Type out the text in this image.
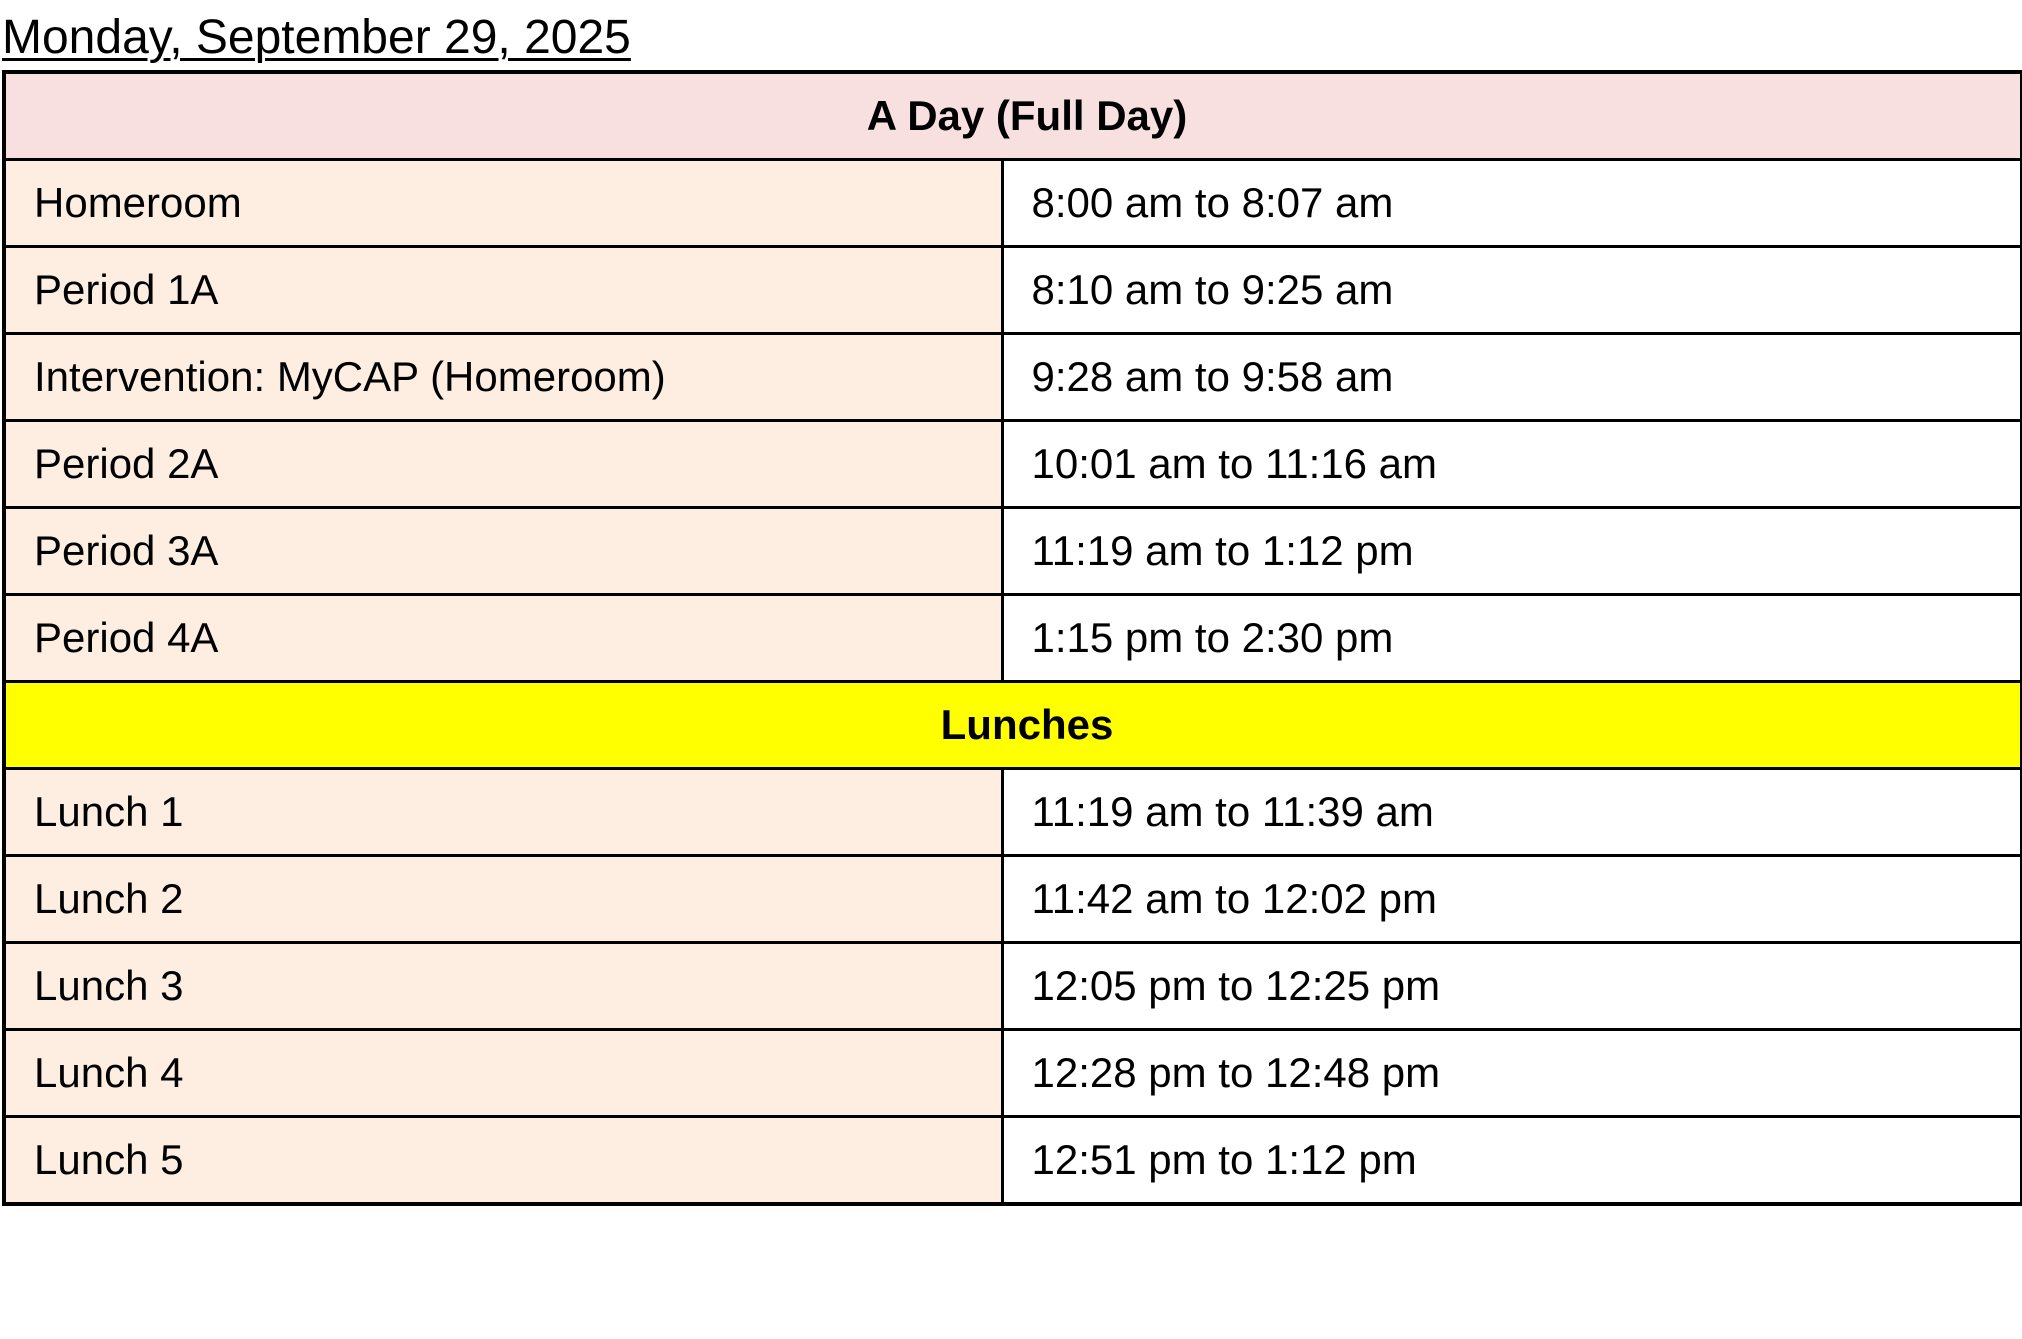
Monday, September 29, 2025
A Day (Full Day)	
Homeroom	8:00 am to 8:07 am
Period 1A	8:10 am to 9:25 am
Intervention: MyCAP (Homeroom)	9:28 am to 9:58 am
Period 2A	10:01 am to 11:16 am
Period 3A	11:19 am to 1:12 pm
Period 4A	1:15 pm to 2:30 pm
Lunches	
Lunch 1	11:19 am to 11:39 am
Lunch 2	11:42 am to 12:02 pm
Lunch 3	12:05 pm to 12:25 pm
Lunch 4	12:28 pm to 12:48 pm
Lunch 5	12:51 pm to 1:12 pm
